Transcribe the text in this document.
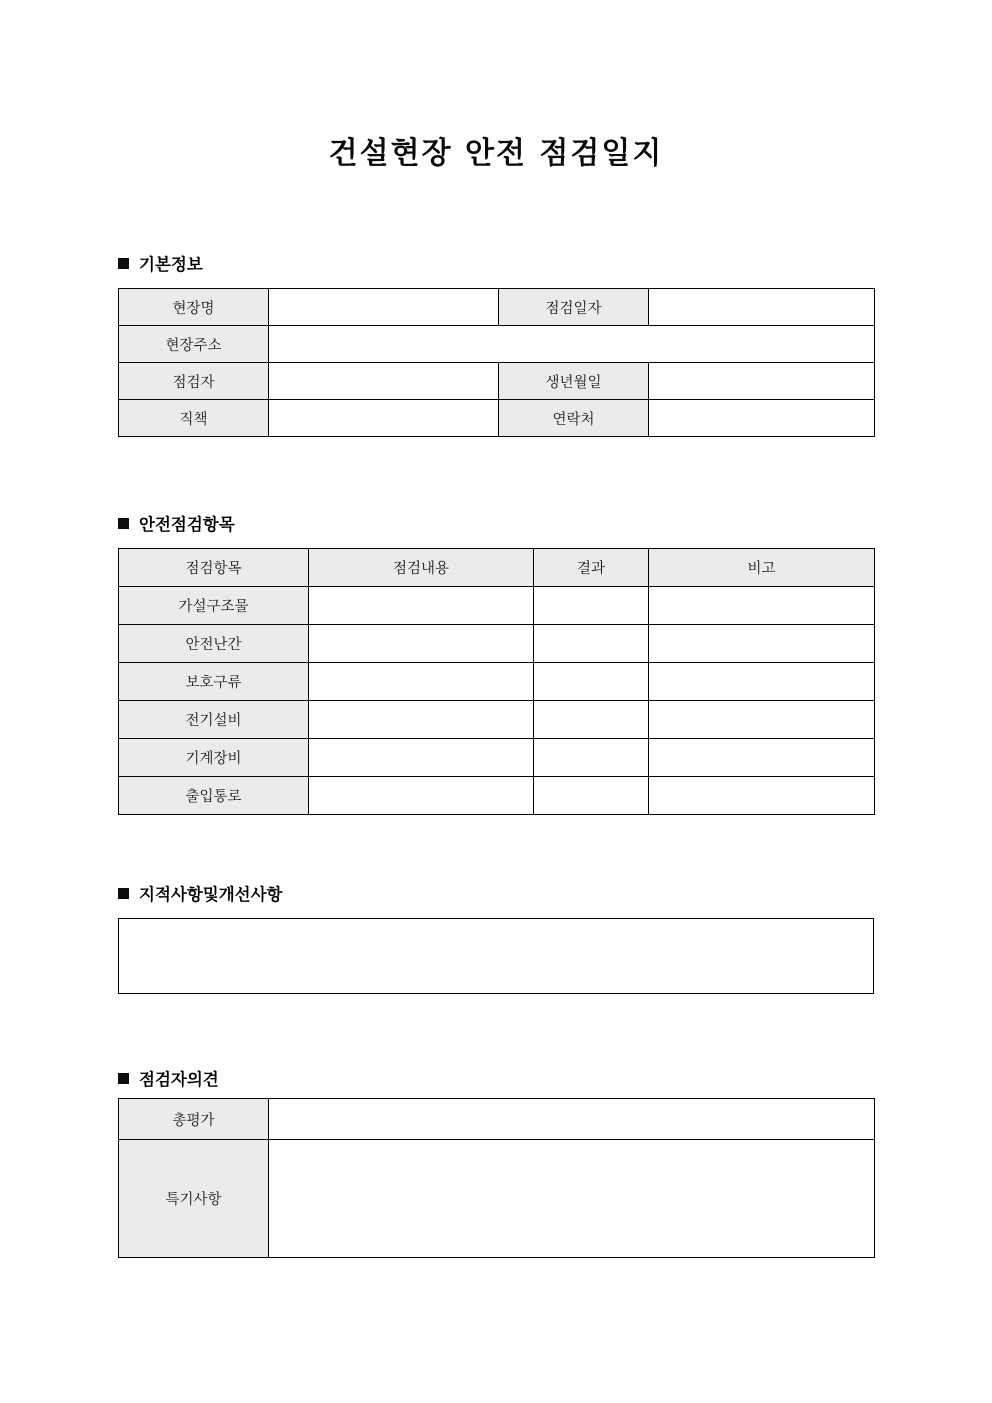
건설현장 안전 점검일지
기본정보
현장명		점검일자	
현장주소			
점검자		생년월일	
직책		연락처	
안전점검항목
점검항목	점검내용	결과	비고
가설구조물			
안전난간			
보호구류			
전기설비			
기계장비			
출입통로			
지적사항및개선사항
점검자의견
총평가	
특기사항	
